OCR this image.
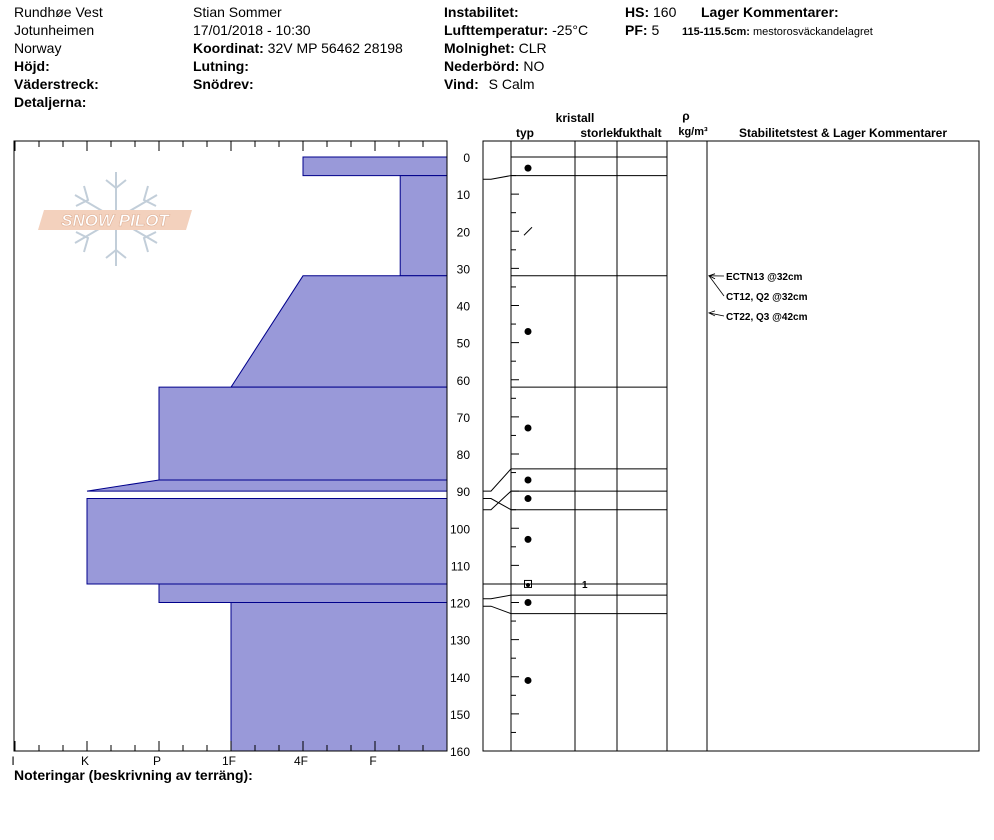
Rundhøe Vest
Jotunheimen
Norway
Höjd:
Väderstreck:
Detaljerna:
Stian Sommer
17/01/2018 - 10:30
Koordinat: 32V MP 56462 28198
Lutning:
Snödrev:
Instabilitet:
Lufttemperatur: -25°C
Molnighet: CLR
Nederbörd: NO
Vind: S Calm
HS: 160
PF: 5
Lager Kommentarer:
115-115.5cm: mestorosväckandelagret
Noteringar (beskrivning av terräng):
SNOW PILOT
kristall
typ	storlek
fukthalt
ρ
kg/m³	Stabilitetstest & Lager Kommentarer
I	K	P	1F	4F	F
0
10
20
30
40
50
60
70
80
90
100
110
120
130
140
150
160
1
ECTN13 @32cm
CT12, Q2 @32cm
CT22, Q3 @42cm
